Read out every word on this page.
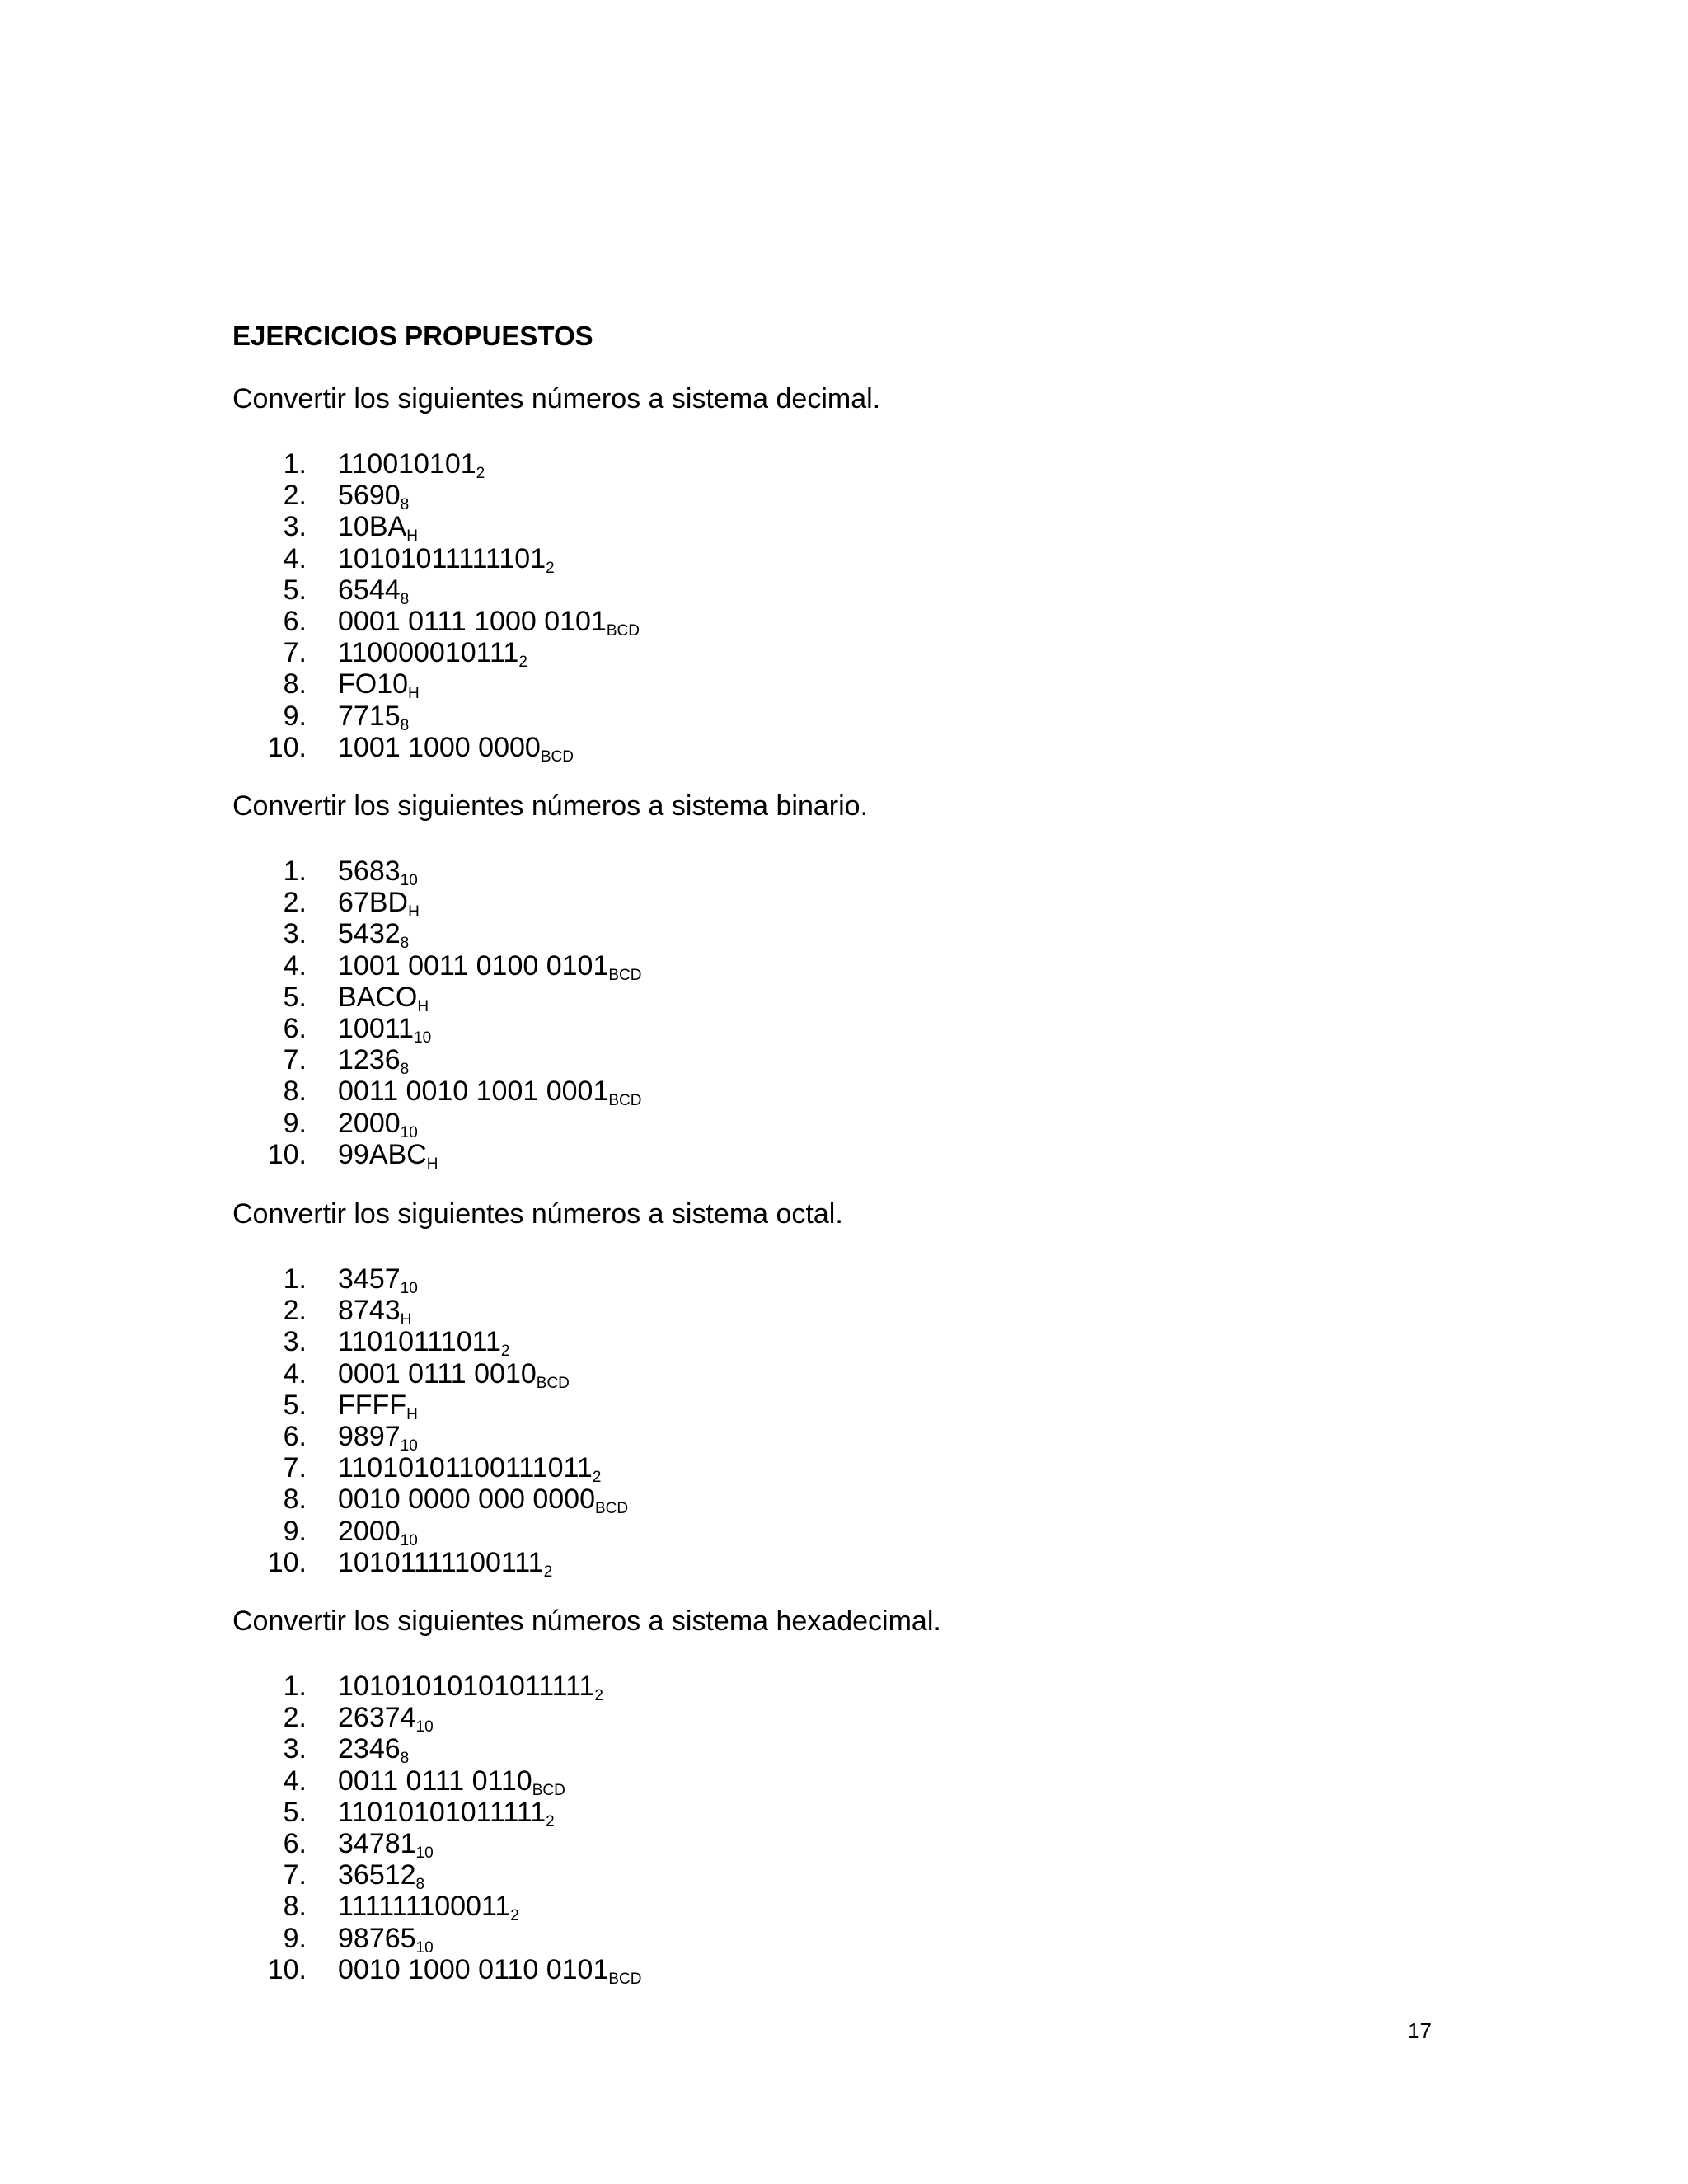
EJERCICIOS PROPUESTOS

Convertir los siguientes números a sistema decimal.

1. $110010101_2$
2. $5690_8$
3. $10BA_H$
4. $10101011111101_2$
5. $6544_8$
6. 0001 0111 1000 $0101_{BCD}$
7. $110000010111_2$
8. $FO10_H$
9. $7715_8$
10. 1001 1000 $0000_{BCD}$

Convertir los siguientes números a sistema binario.

1. $5683_{10}$
2. $67BD_H$
3. $5432_8$
4. 1001 0011 0100 $0101_{BCD}$
5. $BACO_H$
6. $10011_{10}$
7. $1236_8$
8. 0011 0010 1001 $0001_{BCD}$
9. $2000_{10}$
10. $99ABC_H$

Convertir los siguientes números a sistema octal.

1. $3457_{10}$
2. $8743_H$
3. $11010111011_2$
4. 0001 0111 $0010_{BCD}$
5. $FFFF_H$
6. $9897_{10}$
7. $11010101100111011_2$
8. 0010 0000 000 $0000_{BCD}$
9. $2000_{10}$
10. $10101111100111_2$

Convertir los siguientes números a sistema hexadecimal.

1. $10101010101011111_2$
2. $26374_{10}$
3. $2346_8$
4. 0011 0111 $0110_{BCD}$
5. $11010101011111_2$
6. $34781_{10}$
7. $36512_8$
8. $111111100011_2$
9. $98765_{10}$
10. 0010 1000 0110 $0101_{BCD}$
17
